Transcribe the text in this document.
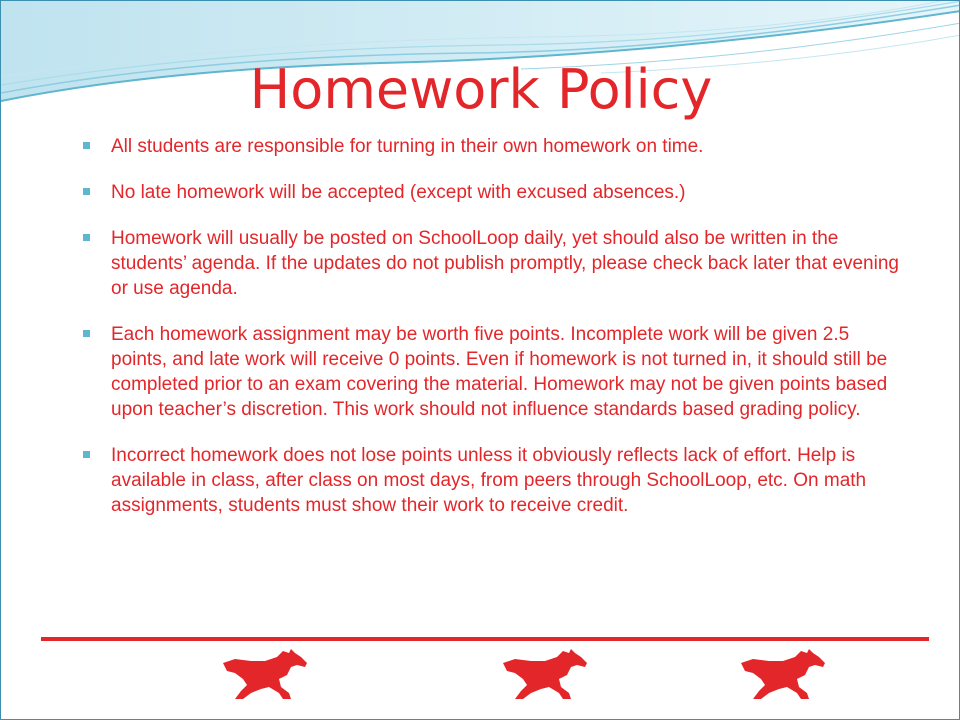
Homework Policy
All students are responsible for turning in their own homework on time.
No late homework will be accepted (except with excused absences.)
Homework will usually be posted on SchoolLoop daily, yet should also be written in the students’ agenda. If the updates do not publish promptly, please check back later that evening or use agenda.
Each homework assignment may be worth five points. Incomplete work will be given 2.5 points, and late work will receive 0 points. Even if homework is not turned in, it should still be completed prior to an exam covering the material. Homework may not be given points based upon teacher’s discretion. This work should not influence standards based grading policy.
Incorrect homework does not lose points unless it obviously reflects lack of effort. Help is available in class, after class on most days, from peers through SchoolLoop, etc. On math assignments, students must show their work to receive credit.
